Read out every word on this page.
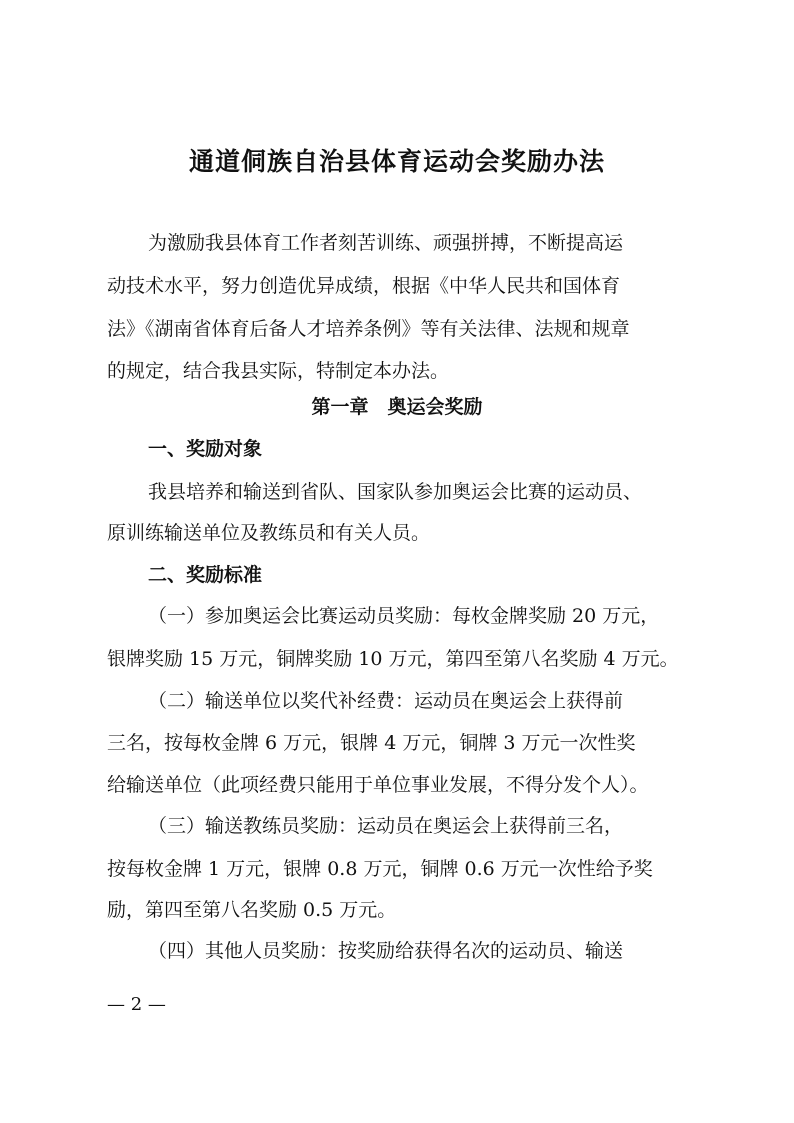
通道侗族自治县体育运动会奖励办法
为激励我县体育工作者刻苦训练、顽强拼搏，不断提高运
动技术水平，努力创造优异成绩，根据《中华人民共和国体育
法》《湖南省体育后备人才培养条例》等有关法律、法规和规章
的规定，结合我县实际，特制定本办法。
第一章　奥运会奖励
一、奖励对象
我县培养和输送到省队、国家队参加奥运会比赛的运动员、
原训练输送单位及教练员和有关人员。
二、奖励标准
（一）参加奥运会比赛运动员奖励：每枚金牌奖励 20 万元，
银牌奖励 15 万元，铜牌奖励 10 万元，第四至第八名奖励 4 万元。
（二）输送单位以奖代补经费：运动员在奥运会上获得前
三名，按每枚金牌 6 万元，银牌 4 万元，铜牌 3 万元一次性奖
给输送单位（此项经费只能用于单位事业发展，不得分发个人）。
（三）输送教练员奖励：运动员在奥运会上获得前三名，
按每枚金牌 1 万元，银牌 0.8 万元，铜牌 0.6 万元一次性给予奖
励，第四至第八名奖励 0.5 万元。
（四）其他人员奖励：按奖励给获得名次的运动员、输送
— 2 —
